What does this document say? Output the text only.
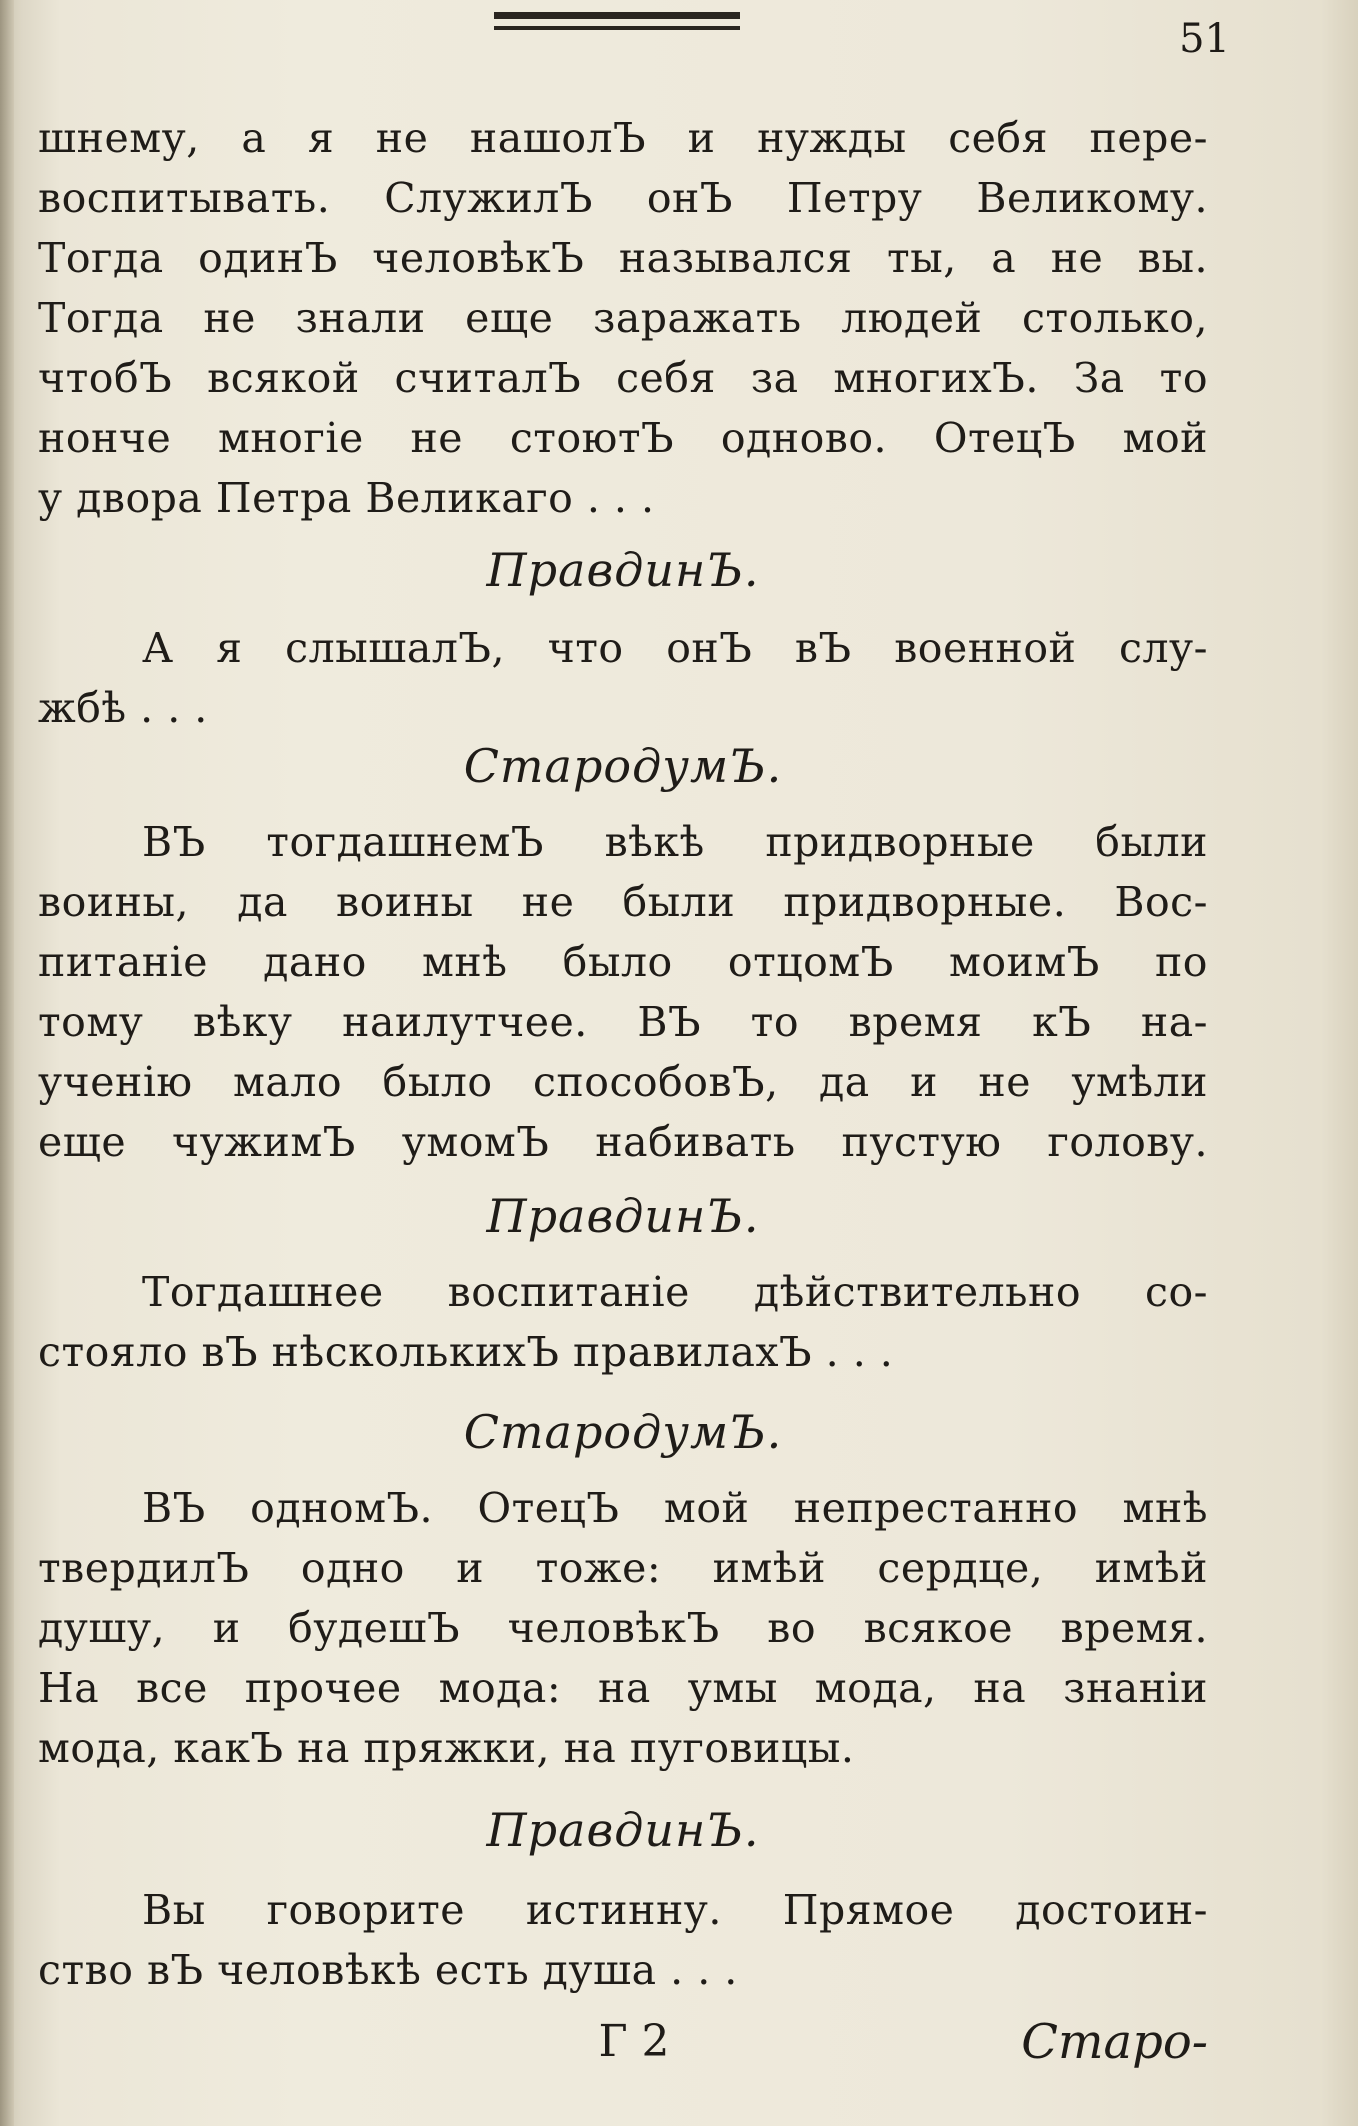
51
шнему, а я не нашолЪ и нужды себя пере-
воспитывать. СлужилЪ онЪ Петру Великому.
Тогда одинЪ человѣкЪ назывался ты, а не вы.
Тогда не знали еще заражать людей столько,
чтобЪ всякой считалЪ себя за многихЪ. За то
нонче многіе не стоютЪ одново. ОтецЪ мой
у двора Петра Великаго . . .
ПравдинЪ.
А я слышалЪ, что онЪ вЪ военной слу-
жбѣ . . .
СтародумЪ.
ВЪ тогдашнемЪ вѣкѣ придворные были
воины, да воины не были придворные. Вос-
питаніе дано мнѣ было отцомЪ моимЪ по
тому вѣку наилутчее. ВЪ то время кЪ на-
ученію мало было способовЪ, да и не умѣли
еще чужимЪ умомЪ набивать пустую голову.
ПравдинЪ.
Тогдашнее воспитаніе дѣйствительно со-
стояло вЪ нѣсколькихЪ правилахЪ . . .
СтародумЪ.
ВЪ одномЪ. ОтецЪ мой непрестанно мнѣ
твердилЪ одно и тоже: имѣй сердце, имѣй
душу, и будешЪ человѣкЪ во всякое время.
На все прочее мода: на умы мода, на знаніи
мода, какЪ на пряжки, на пуговицы.
ПравдинЪ.
Вы говорите истинну. Прямое достоин-
ство вЪ человѣкѣ есть душа . . .
Г 2	Старо-
